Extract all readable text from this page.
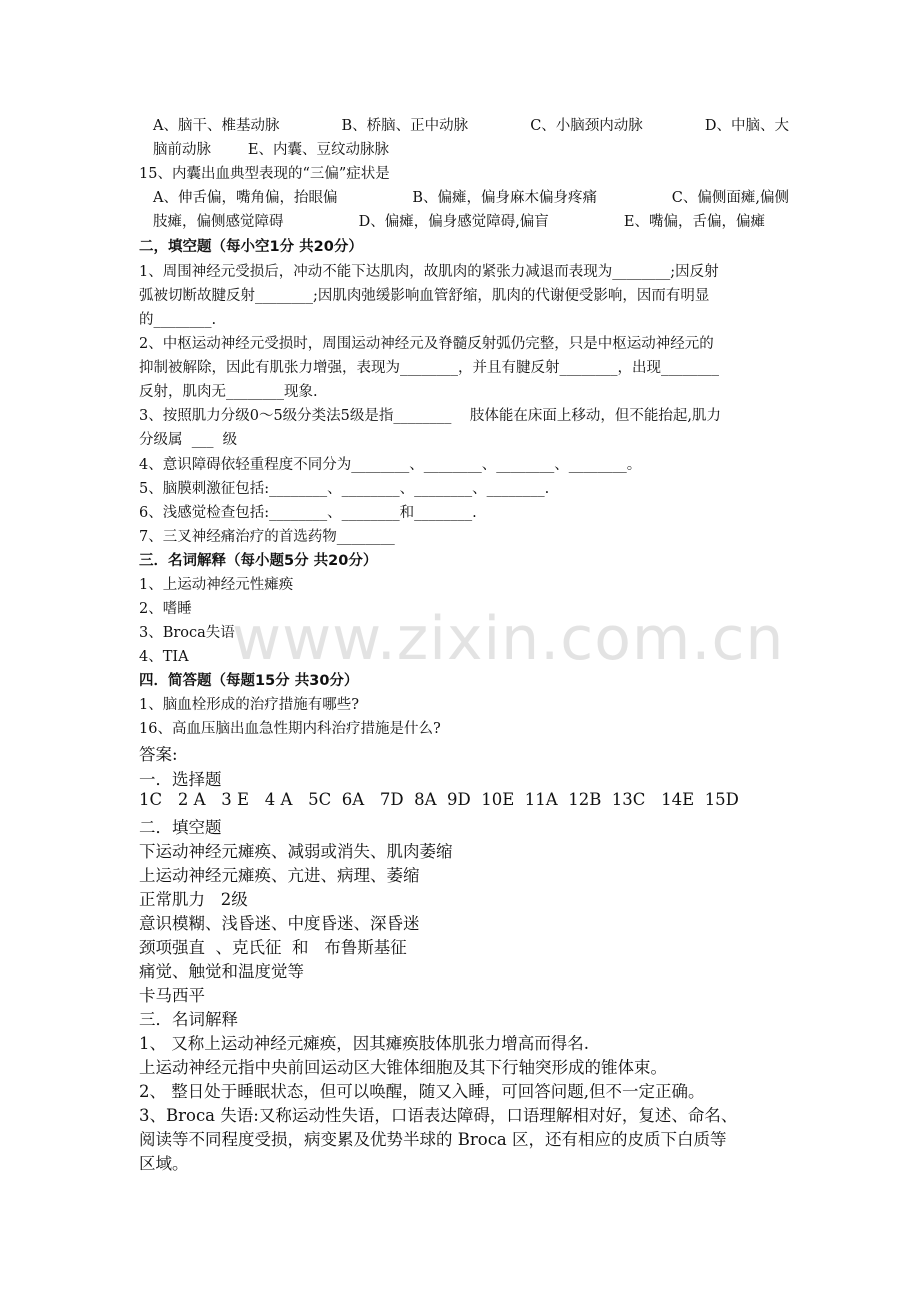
www.zixin.com.cn
A、脑干、椎基动脉	B、桥脑、正中动脉	C、小脑颈内动脉	D、中脑、大
脑前动脉        E、内囊、豆纹动脉脉
15、内囊出血典型表现的“三偏”症状是
A、伸舌偏，嘴角偏，抬眼偏	B、偏瘫，偏身麻木偏身疼痛	C、偏侧面瘫,偏侧
肢瘫，偏侧感觉障碍	D、偏瘫，偏身感觉障碍,偏盲	E、嘴偏，舌偏，偏瘫
二，填空题（每小空1分 共20分）
1、周围神经元受损后，冲动不能下达肌肉，故肌肉的紧张力减退而表现为________;因反射
弧被切断故腱反射________;因肌肉弛缓影响血管舒缩，肌肉的代谢便受影响，因而有明显
的________.
2、中枢运动神经元受损时，周围运动神经元及脊髓反射弧仍完整，只是中枢运动神经元的
抑制被解除，因此有肌张力增强，表现为________，并且有腱反射________，出现________
反射，肌肉无________现象.
3、按照肌力分级0～5级分类法5级是指________    肢体能在床面上移动，但不能抬起,肌力
分级属  ___  级
4、意识障碍依轻重程度不同分为________、________、________、________。
5、脑膜刺激征包括:________、________、________、________.
6、浅感觉检查包括:________、________和________.
7、三叉神经痛治疗的首选药物________
三．名词解释（每小题5分 共20分）
1、上运动神经元性瘫痪
2、嗜睡
3、Broca失语
4、TIA
四．简答题（每题15分 共30分）
1、脑血栓形成的治疗措施有哪些?
16、高血压脑出血急性期内科治疗措施是什么?
答案:
一．选择题
1C   2 A   3 E   4 A   5C  6A   7D  8A  9D  10E  11A  12B  13C   14E  15D
二．填空题
下运动神经元瘫痪、减弱或消失、肌肉萎缩
上运动神经元瘫痪、亢进、病理、萎缩
正常肌力   2级
意识模糊、浅昏迷、中度昏迷、深昏迷
颈项强直  、克氏征  和   布鲁斯基征
痛觉、触觉和温度觉等
卡马西平
三．名词解释
1、 又称上运动神经元瘫痪，因其瘫痪肢体肌张力增高而得名.
上运动神经元指中央前回运动区大锥体细胞及其下行轴突形成的锥体束。
2、 整日处于睡眠状态，但可以唤醒，随又入睡，可回答问题,但不一定正确。
3、Broca 失语:又称运动性失语，口语表达障碍，口语理解相对好，复述、命名、
阅读等不同程度受损，病变累及优势半球的 Broca 区，还有相应的皮质下白质等
区域。
